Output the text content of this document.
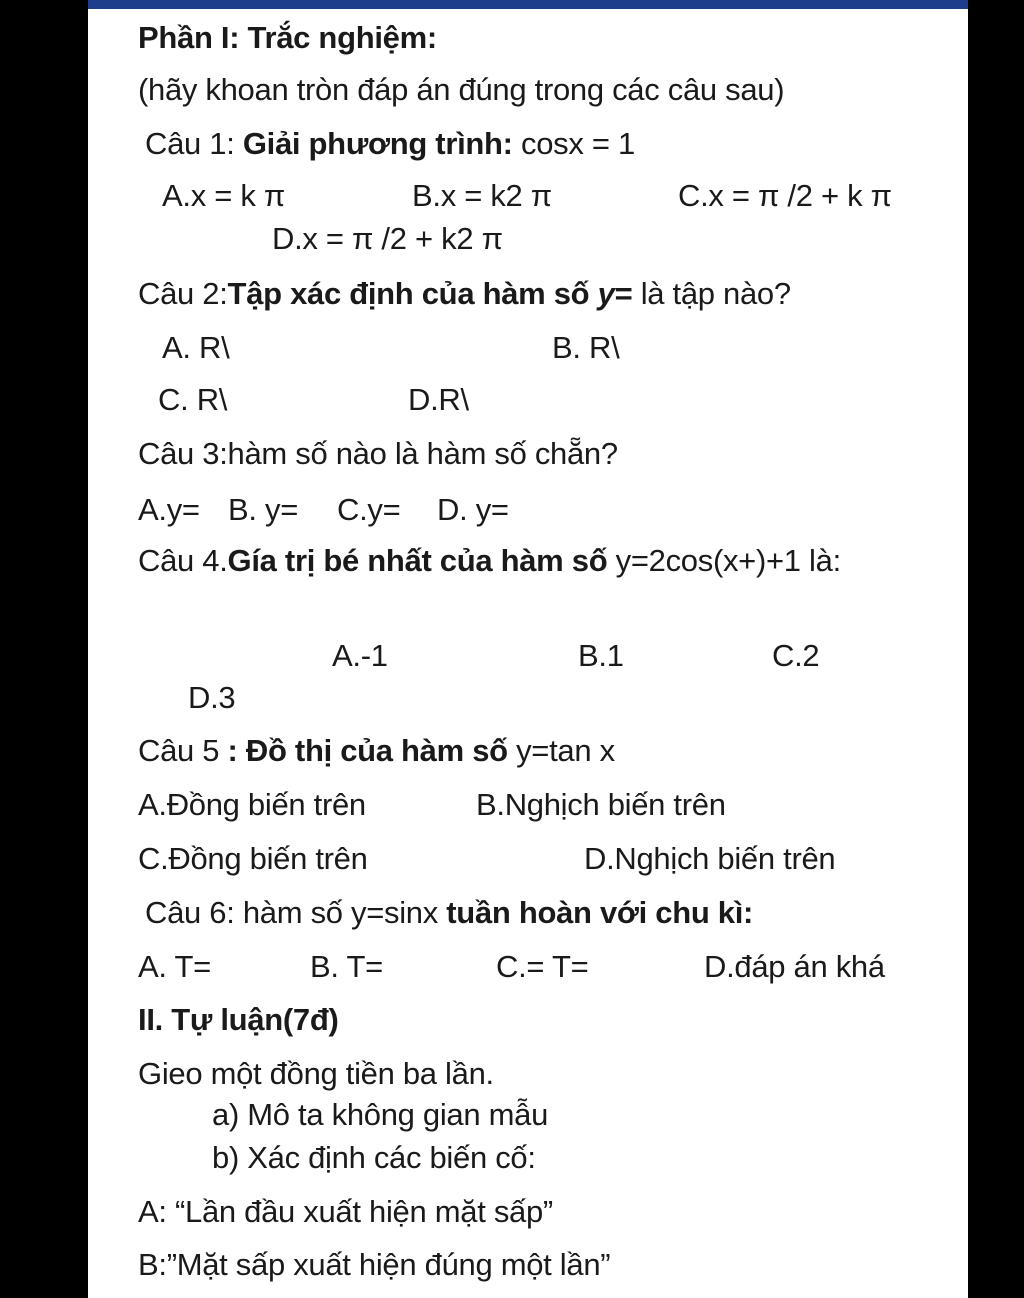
Phần I: Trắc nghiệm:
(hãy khoan tròn đáp án đúng trong các câu sau)
Câu 1: Giải phương trình: cosx = 1
A.x = k π	B.x = k2 π	C.x = π /2 + k π
D.x = π /2 + k2 π
Câu 2:Tập xác định của hàm số y= là tập nào?
A. R\	B. R\
C. R\	D.R\
Câu 3:hàm số nào là hàm số chẵn?
A.y= B. y= C.y= D. y=
Câu 4.Gía trị bé nhất của hàm số y=2cos(x+)+1 là:
A.-1	B.1	C.2
D.3
Câu 5 : Đồ thị của hàm số y=tan x
A.Đồng biến trên	B.Nghịch biến trên
C.Đồng biến trên	D.Nghịch biến trên
Câu 6: hàm số y=sinx tuần hoàn với chu kì:
A. T=	B. T=	C.= T=	D.đáp án khá
II. Tự luận(7đ)
Gieo một đồng tiền ba lần.
a) Mô ta không gian mẫu
b) Xác định các biến cố:
A: “Lần đầu xuất hiện mặt sấp”
B:”Mặt sấp xuất hiện đúng một lần”
